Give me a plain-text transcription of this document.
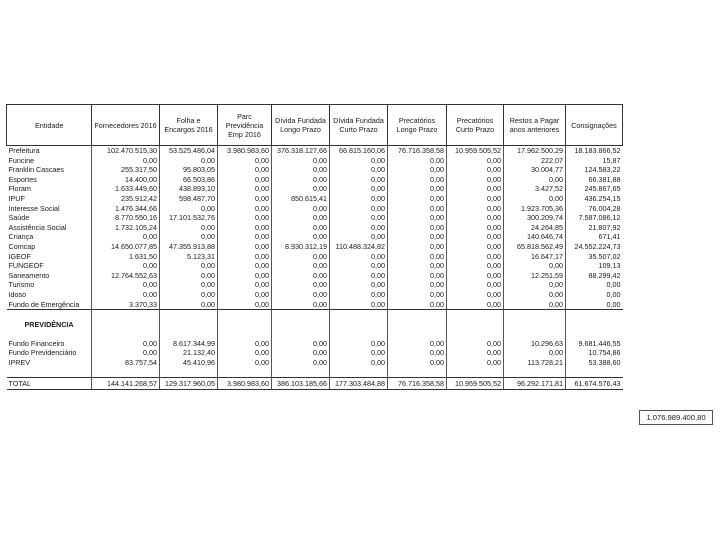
Entidade	Fornecedores 2016	Folha e Encargos 2016	Parc Previdência Emp 2016	Dívida Fundada Longo Prazo	Dívida Fundada Curto Prazo	Precatórios Longo Prazo	Precatórios Curto Prazo	Restos a Pagar anos anteriores	Consignações
Prefeitura	102.470.515,30	53.525.486,04	3.980.983,60	376.318.127,66	66.815.160,06	76.716.358,58	10.959.505,52	17.962.500,29	18.183.866,52
Funcine	0,00	0,00	0,00	0,00	0,00	0,00	0,00	222,07	15,87
Franklin Cascaes	255.317,50	95.803,05	0,00	0,00	0,00	0,00	0,00	30.004,77	124.583,22
Esportes	14.400,00	66.503,86	0,00	0,00	0,00	0,00	0,00	0,00	66.381,88
Floram	1.633.449,60	438.893,10	0,00	0,00	0,00	0,00	0,00	3.427,52	245.867,65
IPUF	235.912,42	598.487,70	0,00	850.615,41	0,00	0,00	0,00	0,00	436.254,15
Interesse Social	1.476.344,66	0,00	0,00	0,00	0,00	0,00	0,00	1.923.705,36	76.004,28
Saúde	8.770.550,16	17.101.532,76	0,00	0,00	0,00	0,00	0,00	300.209,74	7.587.086,12
Assistência Social	1.732.105,24	0,00	0,00	0,00	0,00	0,00	0,00	24.264,85	21.807,92
Criança	0,00	0,00	0,00	0,00	0,00	0,00	0,00	140.646,74	671,41
Comcap	14.650.077,85	47.355.913,88	0,00	8.930.312,19	110.488.324,82	0,00	0,00	65.818.562,49	24.552.224,73
IGEOF	1.631,50	5.123,31	0,00	0,00	0,00	0,00	0,00	16.647,17	35.507,02
FUNGEOF	0,00	0,00	0,00	0,00	0,00	0,00	0,00	0,00	109,13
Saneamento	12.764.552,63	0,00	0,00	0,00	0,00	0,00	0,00	12.251,59	88.299,42
Turismo	0,00	0,00	0,00	0,00	0,00	0,00	0,00	0,00	0,00
Idoso	0,00	0,00	0,00	0,00	0,00	0,00	0,00	0,00	0,00
Fundo de Emergência	3.370,33	0,00	0,00	0,00	0,00	0,00	0,00	0,00	0,00

PREVIDÊNCIA									

Fundo Financeiro	0,00	8.617.344,99	0,00	0,00	0,00	0,00	0,00	10.296,63	9.681.446,55
Fundo Previdenciário	0,00	21.132,40	0,00	0,00	0,00	0,00	0,00	0,00	10.754,86
IPREV	83.757,54	45.410,96	0,00	0,00	0,00	0,00	0,00	113.728,21	53.388,60

TOTAL	144.141.268,57	129.317.960,05	3.980.983,60	386.103.185,66	177.303.484,88	76.716.358,58	10.959.505,52	96.292.171,81	61.674.576,43
1.076.989.400,80
